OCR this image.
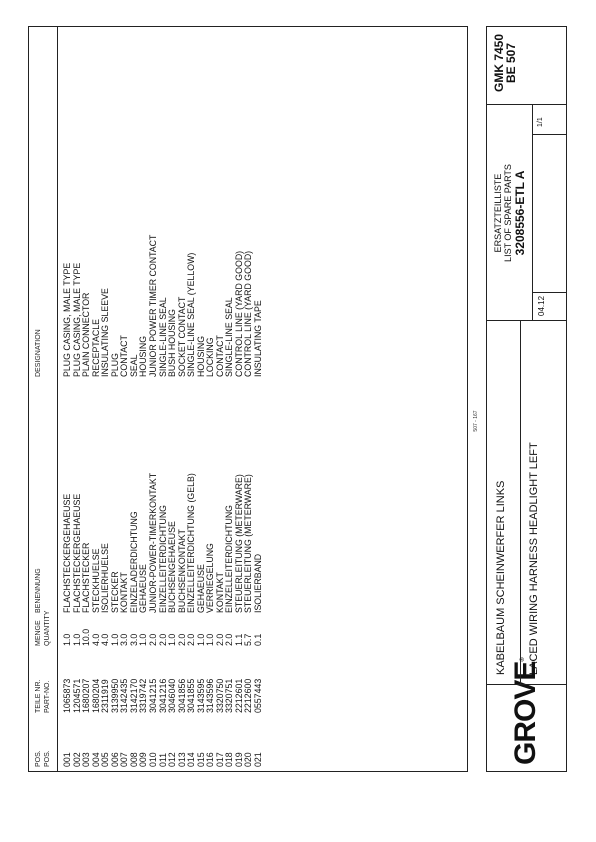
POS. POS.
TEILE NR. PART-NO.
MENGE QUANTITY
BENENNUNG
DESIGNATION
001
1065873
1.0
FLACHSTECKERGEHAEUSE
PLUG CASING, MALE TYPE
002
1204571
1.0
FLACHSTECKERGEHAEUSE
PLUG CASING, MALE TYPE
003
1680207
10.0
FLACHSTECKER
PLAIN CONNECTOR
004
1680204
4.0
STECKHUELSE
RECEPTACLE
005
2311919
4.0
ISOLIERHUELSE
INSULATING SLEEVE
006
3139950
1.0
STECKER
PLUG
007
3142435
3.0
KONTAKT
CONTACT
008
3142170
3.0
EINZELADERDICHTUNG
SEAL
009
3319742
1.0
GEHAEUSE
HOUSING
010
3041215
2.0
JUNIOR-POWER-TIMERKONTAKT
JUNIOR POWER TIMER CONTACT
011
3041216
2.0
EINZELLEITERDICHTUNG
SINGLE-LINE SEAL
012
3046040
1.0
BUCHSENGEHAEUSE
BUSH HOUSING
013
3041856
2.0
BUCHSENKONTAKT
SOCKET CONTACT
014
3041855
2.0
EINZELLEITERDICHTUNG (GELB)
SINGLE-LINE SEAL (YELLOW)
015
3143595
1.0
GEHAEUSE
HOUSING
016
3143596
1.0
VERRIEGELUNG
LOCKING
017
3320750
2.0
KONTAKT
CONTACT
018
3320751
2.0
EINZELLEITERDICHTUNG
SINGLE-LINE SEAL
019
2212601
1.1
STEUERLEITUNG (METERWARE)
CONTROL LINE (YARD GOOD)
020
2212600
5.7
STEUERLEITUNG (METERWARE)
CONTROL LINE (YARD GOOD)
021
0557443
0.1
ISOLIERBAND
INSULATING TAPE
507 - 167
GROVE®
KABELBAUM SCHEINWERFER LINKS LACED WIRING HARNESS HEADLIGHT LEFT
ERSATZTEILLISTE LIST OF SPARE PARTS 3208556-ETL A
04.12
1/1
GMK 7450
BE 507
